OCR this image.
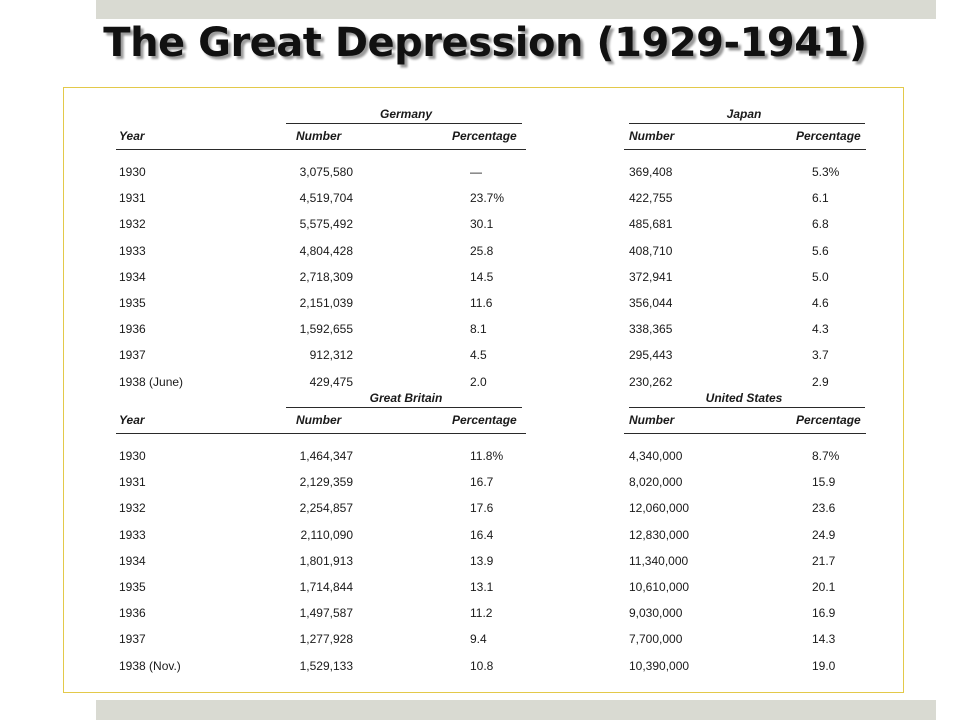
The Great Depression (1929-1941)
Germany	Japan
Year	Number	Percentage	Number	Percentage
1930	3,075,580	—	369,408	5.3%
1931	4,519,704	23.7%	422,755	6.1
1932	5,575,492	30.1	485,681	6.8
1933	4,804,428	25.8	408,710	5.6
1934	2,718,309	14.5	372,941	5.0
1935	2,151,039	11.6	356,044	4.6
1936	1,592,655	8.1	338,365	4.3
1937	912,312	4.5	295,443	3.7
1938 (June)	429,475	2.0	230,262	2.9
Great Britain	United States
Year	Number	Percentage	Number	Percentage
1930	1,464,347	11.8%	4,340,000	8.7%
1931	2,129,359	16.7	8,020,000	15.9
1932	2,254,857	17.6	12,060,000	23.6
1933	2,110,090	16.4	12,830,000	24.9
1934	1,801,913	13.9	11,340,000	21.7
1935	1,714,844	13.1	10,610,000	20.1
1936	1,497,587	11.2	9,030,000	16.9
1937	1,277,928	9.4	7,700,000	14.3
1938 (Nov.)	1,529,133	10.8	10,390,000	19.0
